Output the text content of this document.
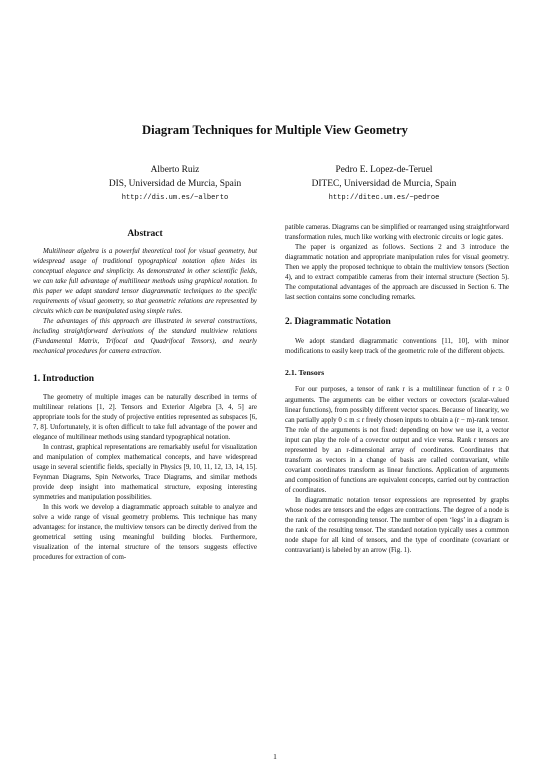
Diagram Techniques for Multiple View Geometry
Alberto Ruiz
DIS, Universidad de Murcia, Spain
http://dis.um.es/~alberto
Pedro E. Lopez-de-Teruel
DITEC, Universidad de Murcia, Spain
http://ditec.um.es/~pedroe
Abstract

Multilinear algebra is a powerful theoretical tool for visual geometry, but widespread usage of traditional typographical notation often hides its conceptual elegance and simplicity. As demonstrated in other scientific fields, we can take full advantage of multilinear methods using graphical notation. In this paper we adapt standard tensor diagrammatic techniques to the specific requirements of visual geometry, so that geometric relations are represented by circuits which can be manipulated using simple rules.

The advantages of this approach are illustrated in several constructions, including straightforward derivations of the standard multiview relations (Fundamental Matrix, Trifocal and Quadrifocal Tensors), and nearly mechanical procedures for camera extraction.

1. Introduction

The geometry of multiple images can be naturally described in terms of multilinear relations [1, 2]. Tensors and Exterior Algebra [3, 4, 5] are appropriate tools for the study of projective entities represented as subspaces [6, 7, 8]. Unfortunately, it is often difficult to take full advantage of the power and elegance of multilinear methods using standard typographical notation.

In contrast, graphical representations are remarkably useful for visualization and manipulation of complex mathematical concepts, and have widespread usage in several scientific fields, specially in Physics [9, 10, 11, 12, 13, 14, 15]. Feynman Diagrams, Spin Networks, Trace Diagrams, and similar methods provide deep insight into mathematical structure, exposing interesting symmetries and manipulation possibilities.

In this work we develop a diagrammatic approach suitable to analyze and solve a wide range of visual geometry problems. This technique has many advantages: for instance, the multiview tensors can be directly derived from the geometrical setting using meaningful building blocks. Furthermore, visualization of the internal structure of the tensors suggests effective procedures for extraction of com-

patible cameras. Diagrams can be simplified or rearranged using straightforward transformation rules, much like working with electronic circuits or logic gates.

The paper is organized as follows. Sections 2 and 3 introduce the diagrammatic notation and appropriate manipulation rules for visual geometry. Then we apply the proposed technique to obtain the multiview tensors (Section 4), and to extract compatible cameras from their internal structure (Section 5). The computational advantages of the approach are discussed in Section 6. The last section contains some concluding remarks.

2. Diagrammatic Notation

We adopt standard diagrammatic conventions [11, 10], with minor modifications to easily keep track of the geometric role of the different objects.

2.1. Tensors

For our purposes, a tensor of rank r is a multilinear function of r ≥ 0 arguments. The arguments can be either vectors or covectors (scalar-valued linear functions), from possibly different vector spaces. Because of linearity, we can partially apply 0 ≤ m ≤ r freely chosen inputs to obtain a (r − m)-rank tensor. The role of the arguments is not fixed: depending on how we use it, a vector input can play the role of a covector output and vice versa. Rank r tensors are represented by an r-dimensional array of coordinates. Coordinates that transform as vectors in a change of basis are called contravariant, while covariant coordinates transform as linear functions. Application of arguments and composition of functions are equivalent concepts, carried out by contraction of coordinates.

In diagrammatic notation tensor expressions are represented by graphs whose nodes are tensors and the edges are contractions. The degree of a node is the rank of the corresponding tensor. The number of open ‘legs’ in a diagram is the rank of the resulting tensor. The standard notation typically uses a common node shape for all kind of tensors, and the type of coordinate (covariant or contravariant) is labeled by an arrow (Fig. 1).

1
